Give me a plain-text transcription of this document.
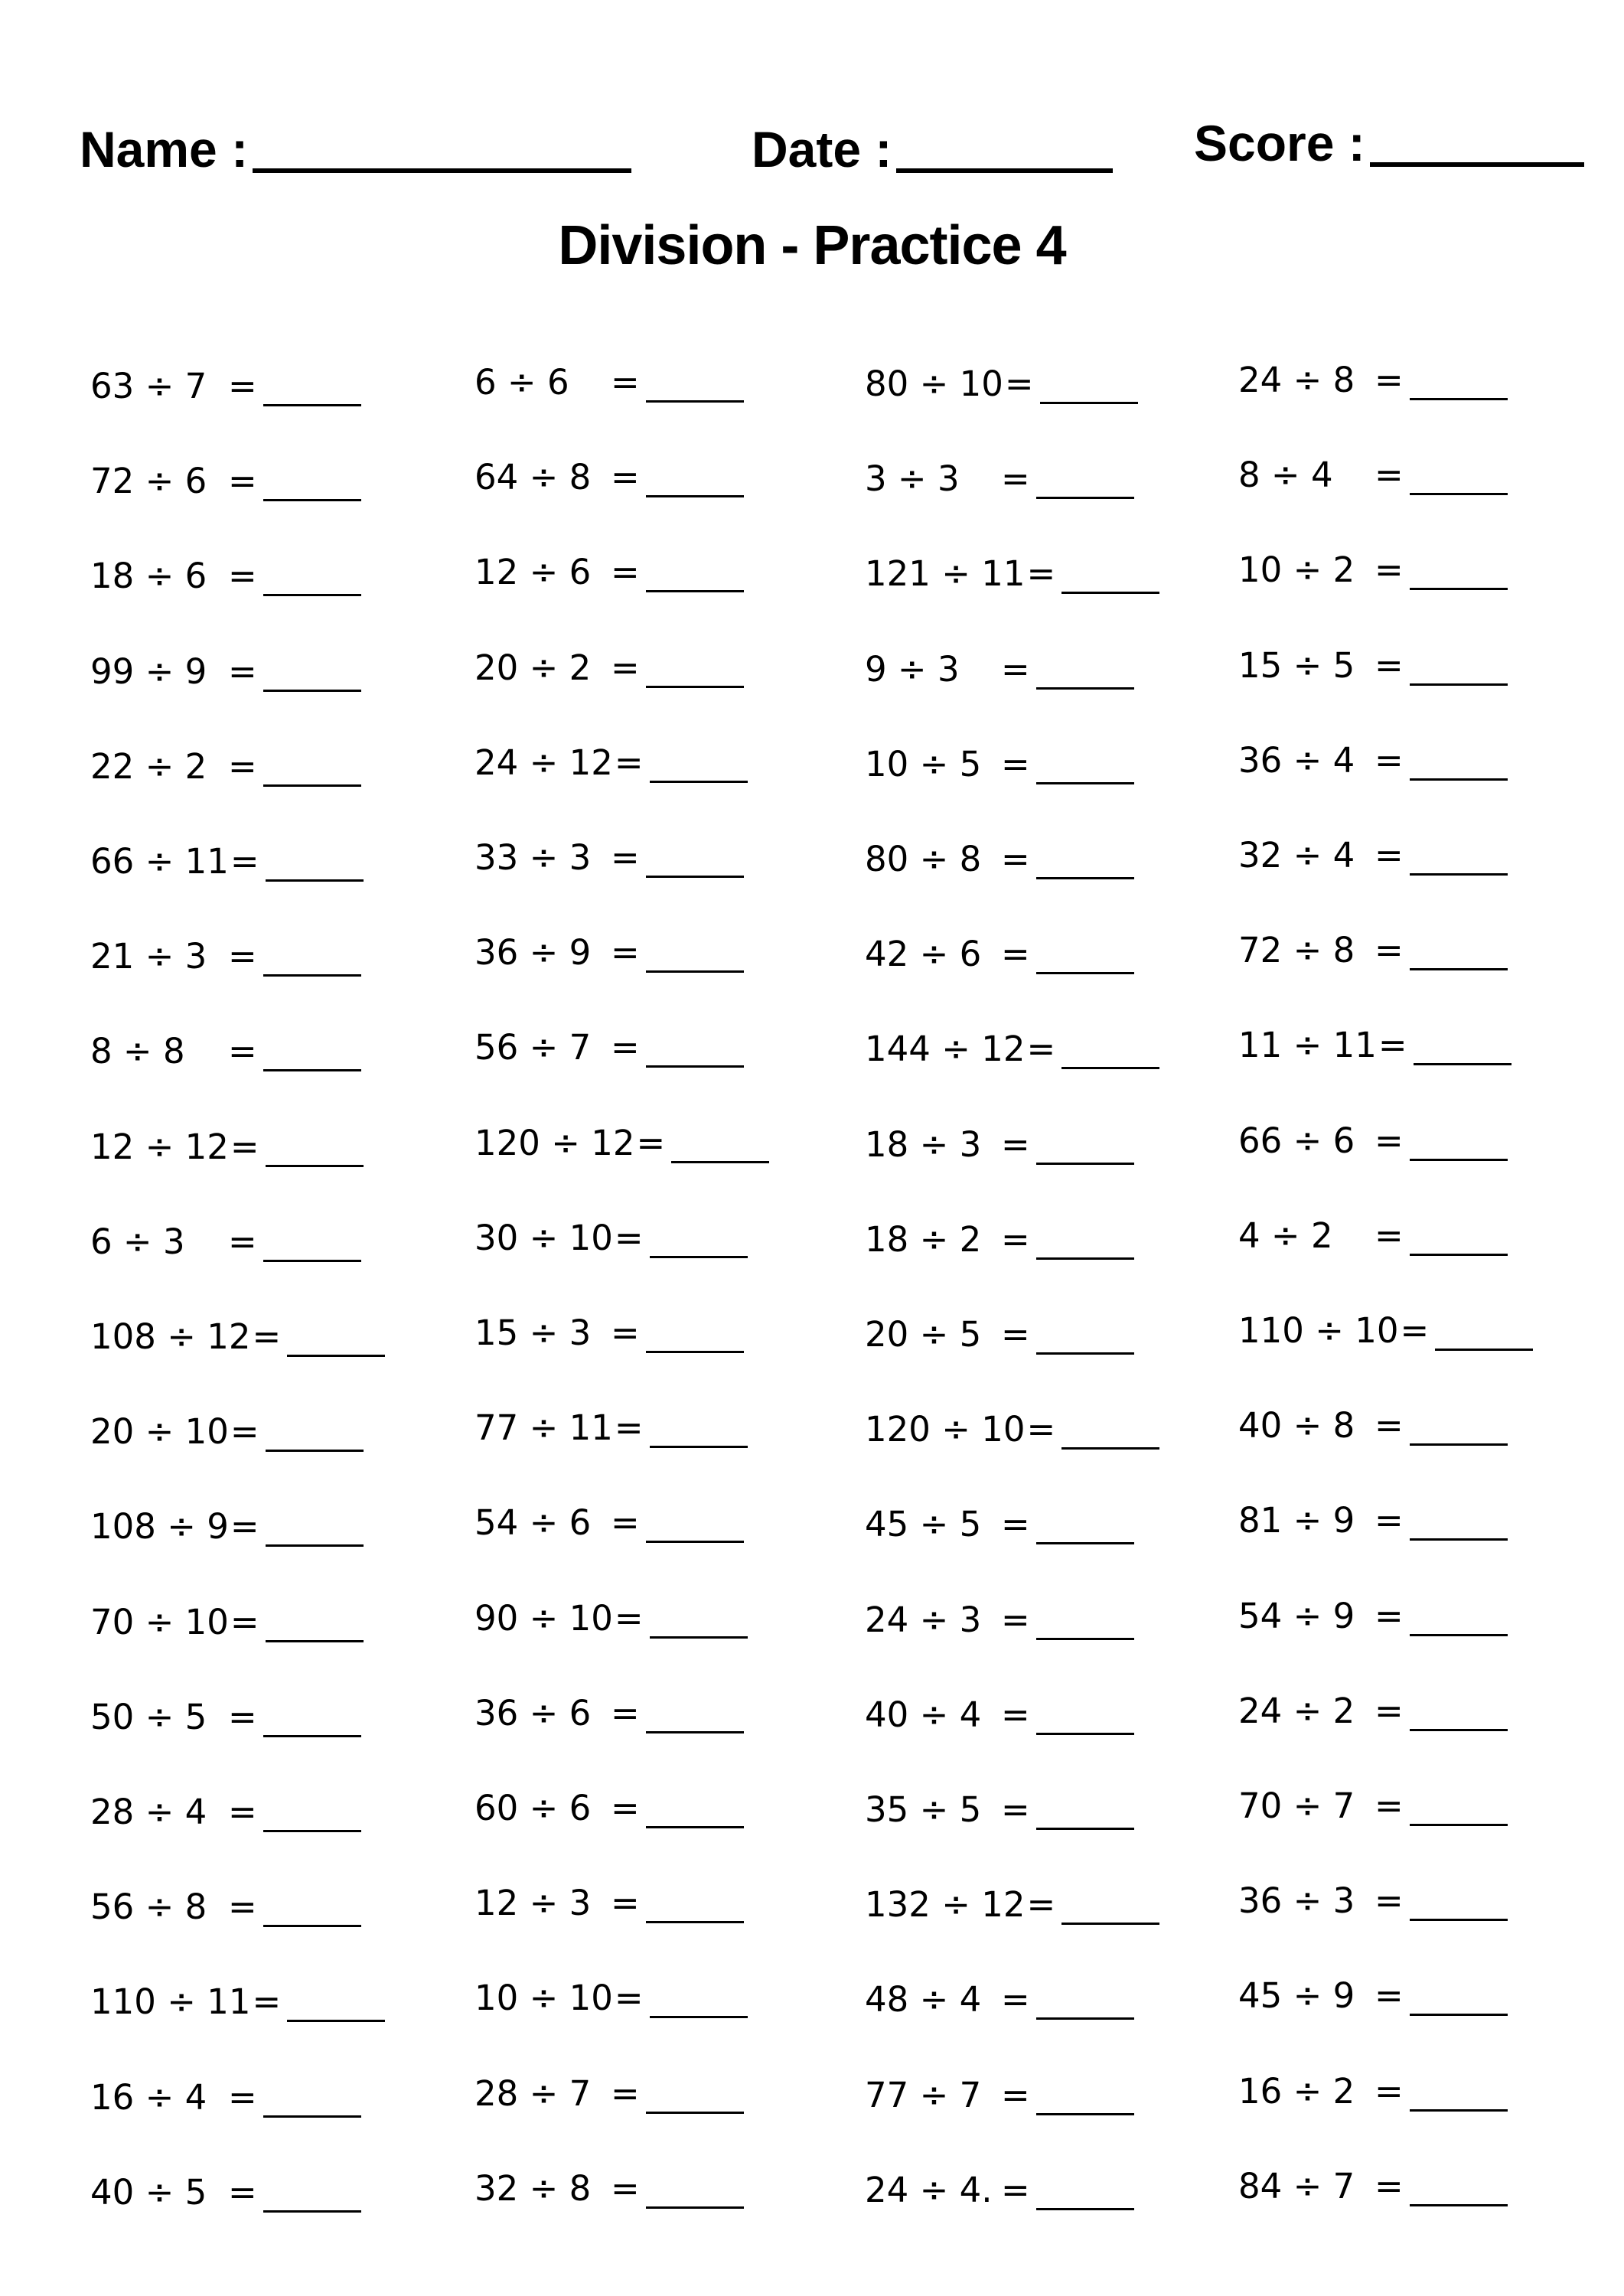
Name :	Date :	Score :
Division - Practice 4
63 ÷ 7 =
72 ÷ 6 =
18 ÷ 6 =
99 ÷ 9 =
22 ÷ 2 =
66 ÷ 11 =
21 ÷ 3 =
8 ÷ 8 =
12 ÷ 12 =
6 ÷ 3 =
108 ÷ 12 =
20 ÷ 10 =
108 ÷ 9 =
70 ÷ 10 =
50 ÷ 5 =
28 ÷ 4 =
56 ÷ 8 =
110 ÷ 11 =
16 ÷ 4 =
40 ÷ 5 =
6 ÷ 6 =
64 ÷ 8 =
12 ÷ 6 =
20 ÷ 2 =
24 ÷ 12 =
33 ÷ 3 =
36 ÷ 9 =
56 ÷ 7 =
120 ÷ 12 =
30 ÷ 10 =
15 ÷ 3 =
77 ÷ 11 =
54 ÷ 6 =
90 ÷ 10 =
36 ÷ 6 =
60 ÷ 6 =
12 ÷ 3 =
10 ÷ 10 =
28 ÷ 7 =
32 ÷ 8 =
80 ÷ 10 =
3 ÷ 3 =
121 ÷ 11 =
9 ÷ 3 =
10 ÷ 5 =
80 ÷ 8 =
42 ÷ 6 =
144 ÷ 12 =
18 ÷ 3 =
18 ÷ 2 =
20 ÷ 5 =
120 ÷ 10 =
45 ÷ 5 =
24 ÷ 3 =
40 ÷ 4 =
35 ÷ 5 =
132 ÷ 12 =
48 ÷ 4 =
77 ÷ 7 =
24 ÷ 4. =
24 ÷ 8 =
8 ÷ 4 =
10 ÷ 2 =
15 ÷ 5 =
36 ÷ 4 =
32 ÷ 4 =
72 ÷ 8 =
11 ÷ 11 =
66 ÷ 6 =
4 ÷ 2 =
110 ÷ 10 =
40 ÷ 8 =
81 ÷ 9 =
54 ÷ 9 =
24 ÷ 2 =
70 ÷ 7 =
36 ÷ 3 =
45 ÷ 9 =
16 ÷ 2 =
84 ÷ 7 =
